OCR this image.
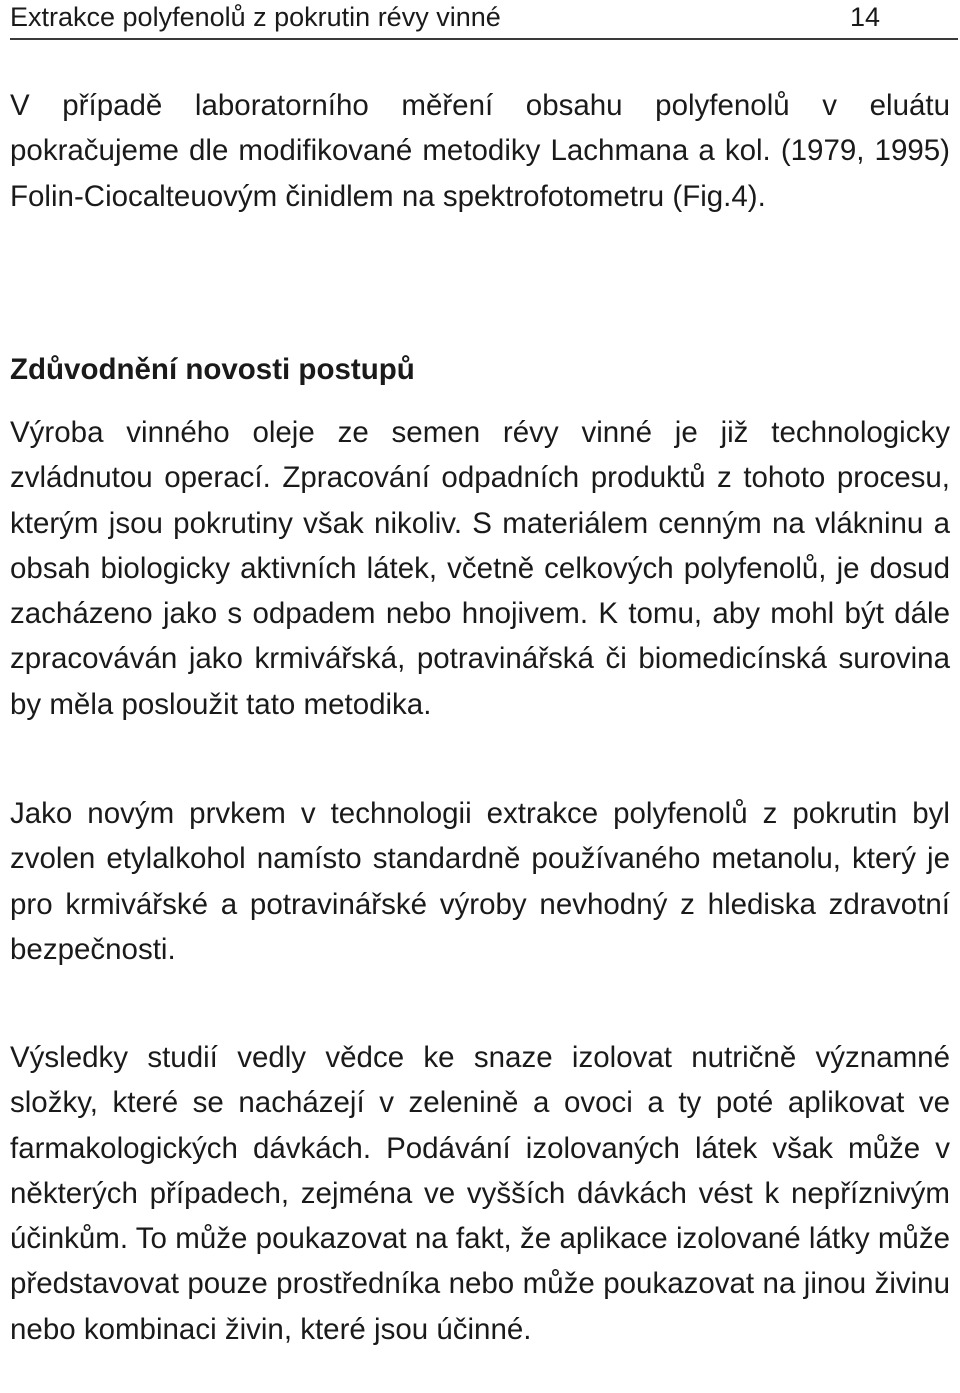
Extrakce polyfenolů z pokrutin révy vinné	14

V případě laboratorního měření obsahu polyfenolů v eluátu pokračujeme dle modifikované metodiky Lachmana a kol. (1979, 1995) Folin-Ciocalteuovým činidlem na spektrofotometru (Fig.4).

Zdůvodnění novosti postupů

Výroba vinného oleje ze semen révy vinné je již technologicky zvládnutou operací. Zpracování odpadních produktů z tohoto procesu, kterým jsou pokrutiny však nikoliv. S materiálem cenným na vlákninu a obsah biologicky aktivních látek, včetně celkových polyfenolů, je dosud zacházeno jako s odpadem nebo hnojivem. K tomu, aby mohl být dále zpracováván jako krmivářská, potravinářská či biomedicínská surovina by měla posloužit tato metodika.

Jako novým prvkem v technologii extrakce polyfenolů z pokrutin byl zvolen etylalkohol namísto standardně používaného metanolu, který je pro krmivářské a potravinářské výroby nevhodný z hlediska zdravotní bezpečnosti.

Výsledky studií vedly vědce ke snaze izolovat nutričně významné složky, které se nacházejí v zelenině a ovoci a ty poté aplikovat ve farmakologických dávkách. Podávání izolovaných látek však může v některých případech, zejména ve vyšších dávkách vést k nepříznivým účinkům. To může poukazovat na fakt, že aplikace izolované látky může představovat pouze prostředníka nebo může poukazovat na jinou živinu nebo kombinaci živin, které jsou účinné.
